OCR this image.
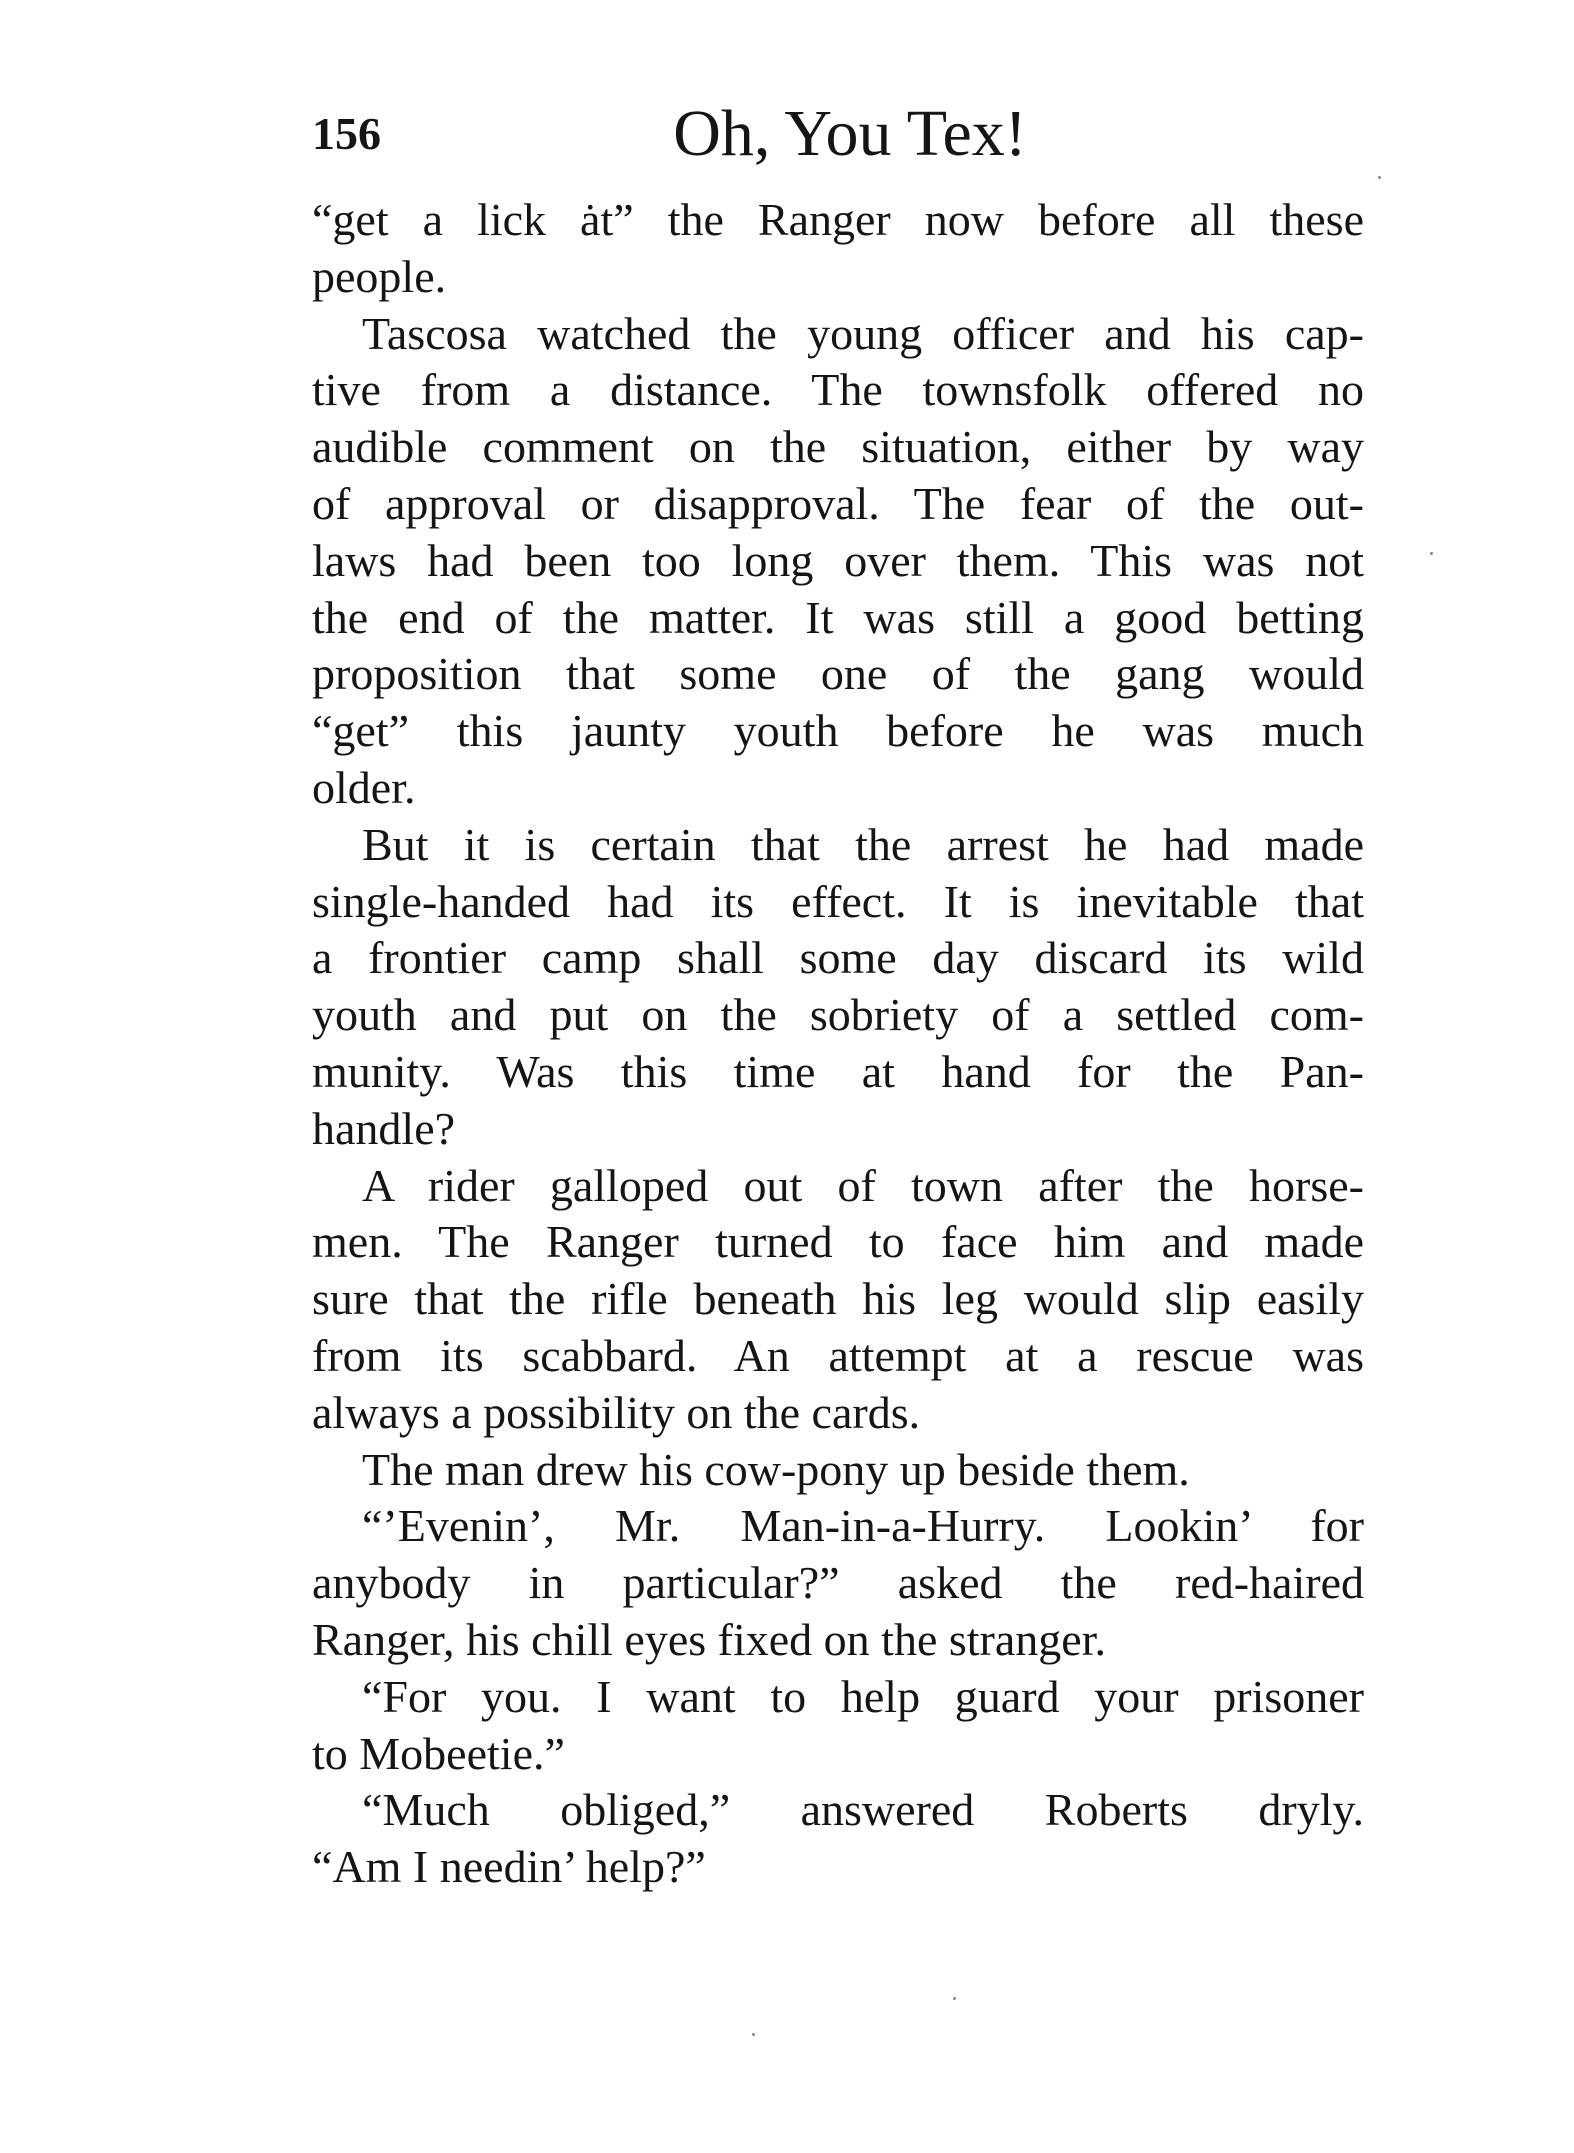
156	Oh, You Tex!
“get a lick ȧt” the Ranger now before all these
people.
Tascosa watched the young officer and his cap-
tive from a distance. The townsfolk offered no
audible comment on the situation, either by way
of approval or disapproval. The fear of the out-
laws had been too long over them. This was not
the end of the matter. It was still a good betting
proposition that some one of the gang would
“get” this jaunty youth before he was much
older.
But it is certain that the arrest he had made
single-handed had its effect. It is inevitable that
a frontier camp shall some day discard its wild
youth and put on the sobriety of a settled com-
munity. Was this time at hand for the Pan-
handle?
A rider galloped out of town after the horse-
men. The Ranger turned to face him and made
sure that the rifle beneath his leg would slip easily
from its scabbard. An attempt at a rescue was
always a possibility on the cards.
The man drew his cow-pony up beside them.
“’Evenin’, Mr. Man-in-a-Hurry. Lookin’ for
anybody in particular?” asked the red-haired
Ranger, his chill eyes fixed on the stranger.
“For you. I want to help guard your prisoner
to Mobeetie.”
“Much obliged,” answered Roberts dryly.
“Am I needin’ help?”
